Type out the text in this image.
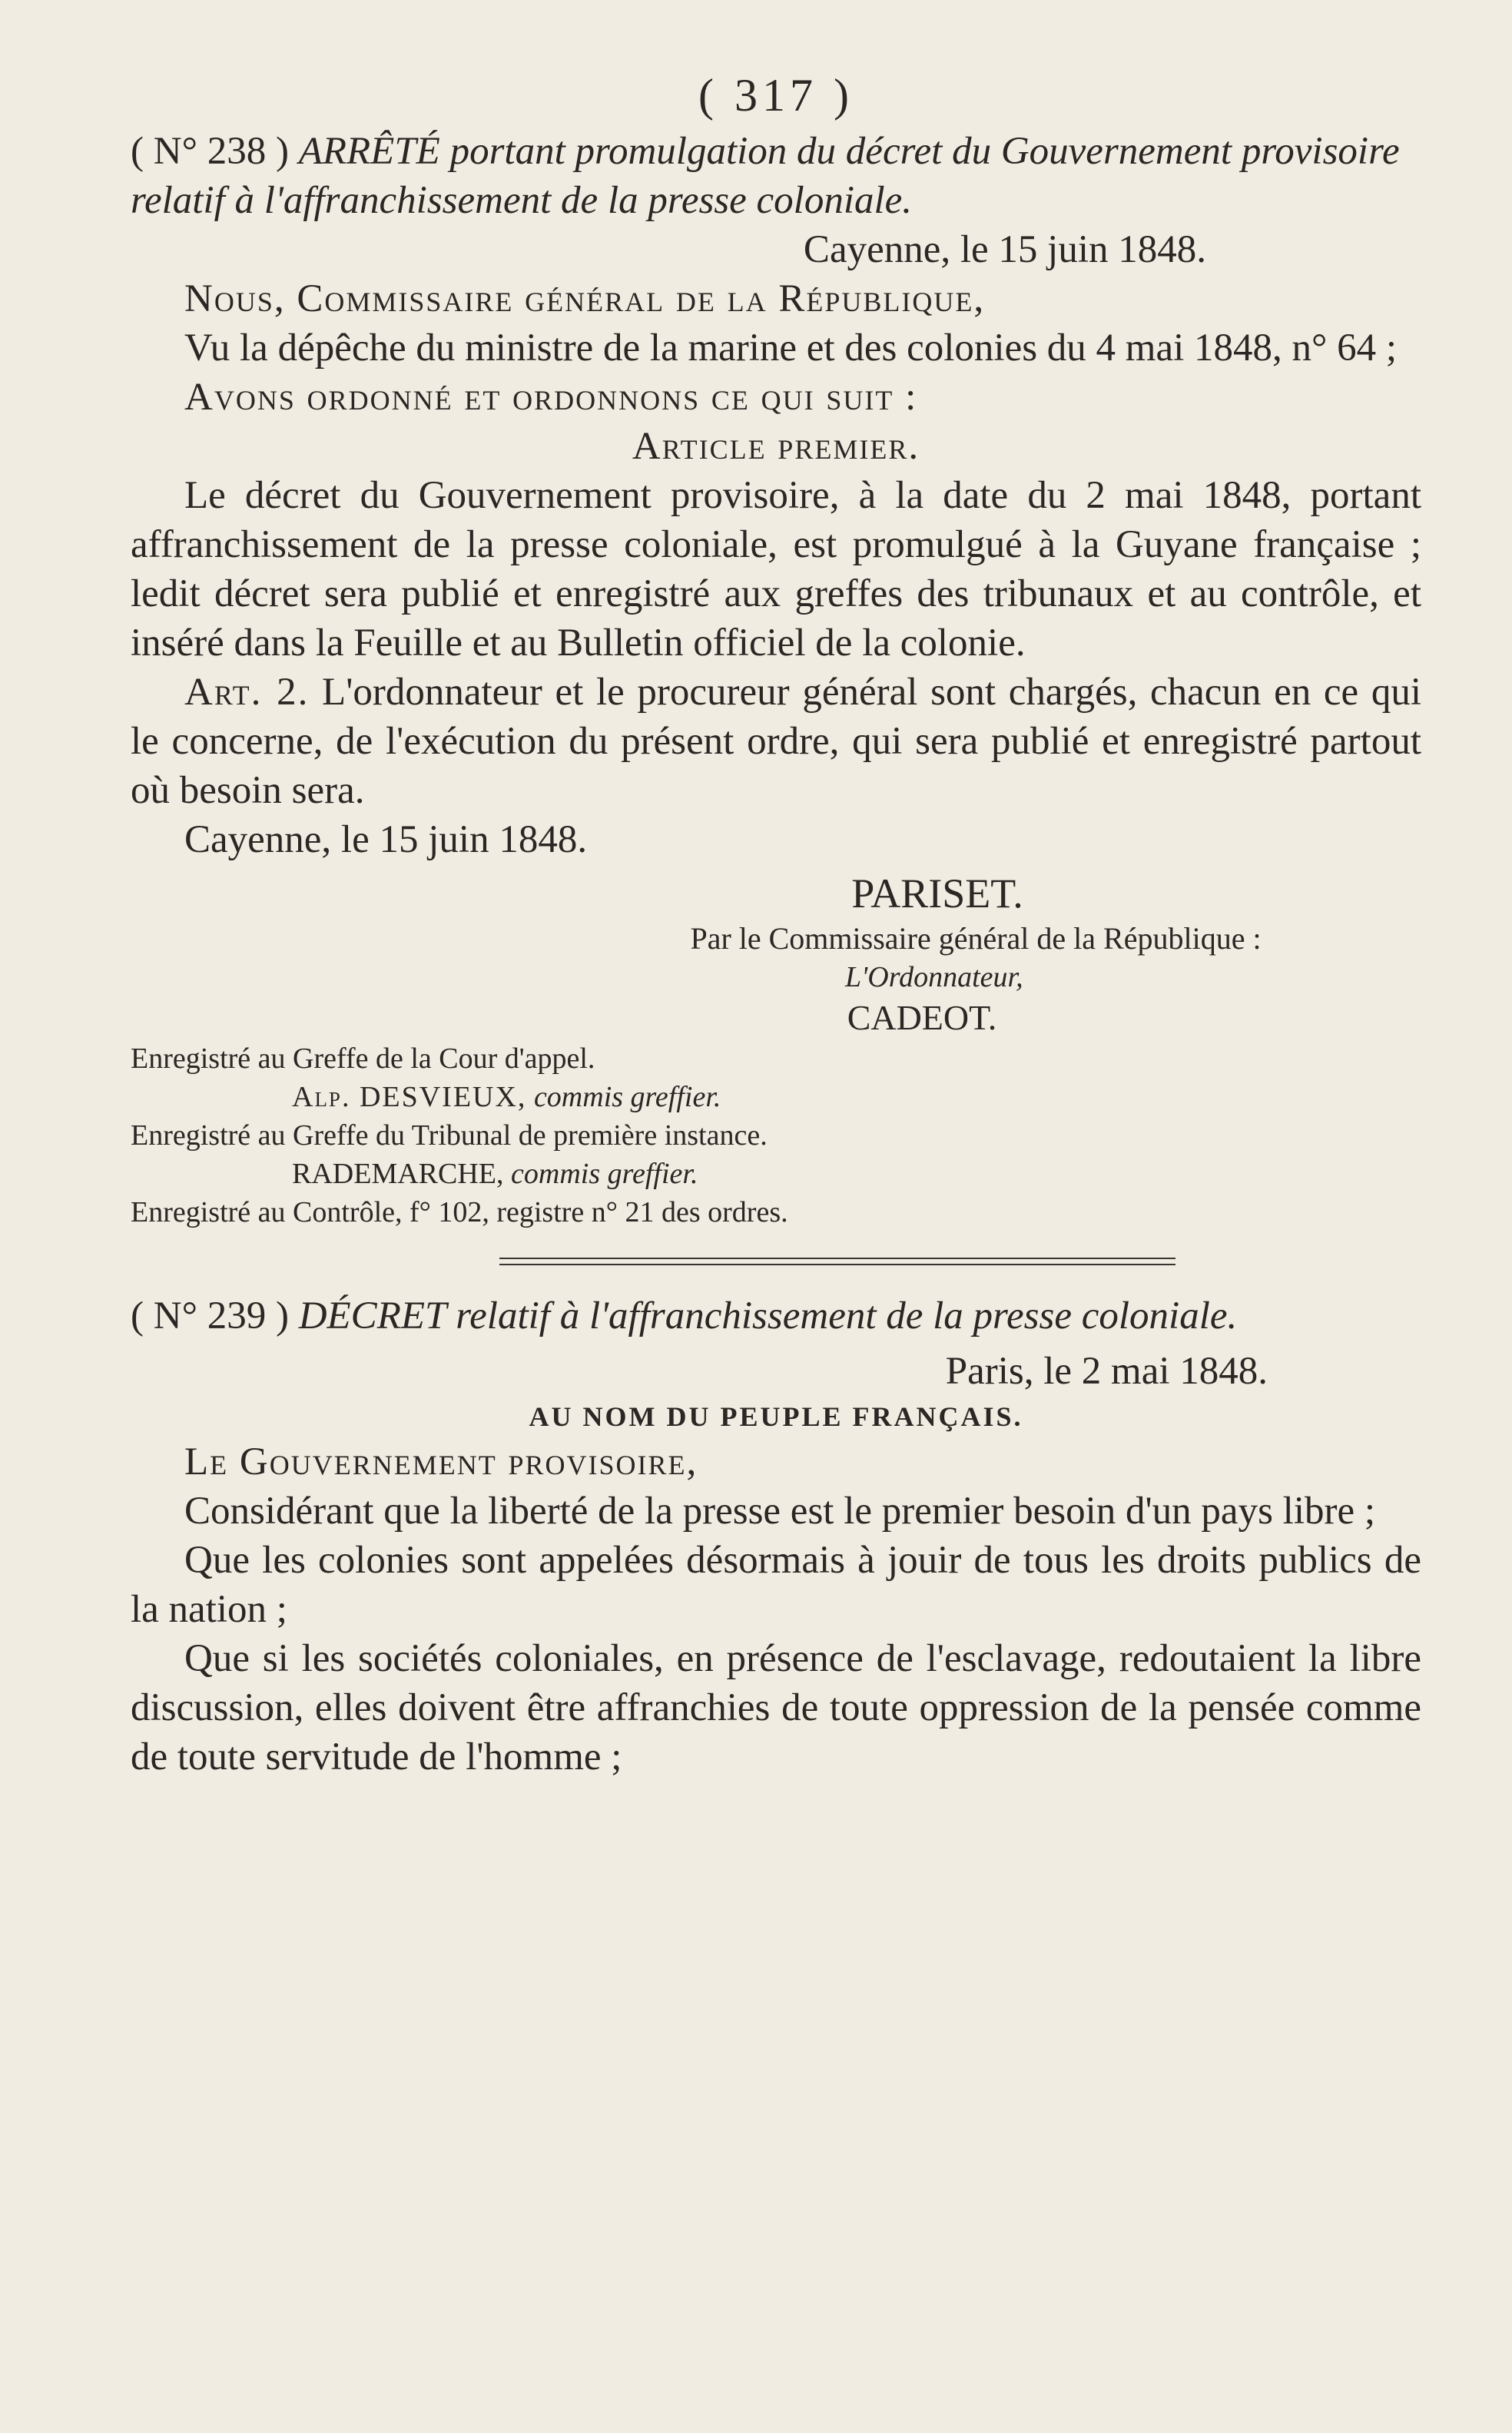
( 317 )

( N° 238 ) ARRÊTÉ portant promulgation du décret du Gouvernement provisoire relatif à l'affranchissement de la presse coloniale.

Cayenne, le 15 juin 1848.

Nous, Commissaire général de la République,

Vu la dépêche du ministre de la marine et des colonies du 4 mai 1848, n° 64 ;

Avons ordonné et ordonnons ce qui suit :

Article premier.

Le décret du Gouvernement provisoire, à la date du 2 mai 1848, portant affranchissement de la presse coloniale, est promulgué à la Guyane française ; ledit décret sera publié et enregistré aux greffes des tribunaux et au contrôle, et inséré dans la Feuille et au Bulletin officiel de la colonie.

Art. 2. L'ordonnateur et le procureur général sont chargés, chacun en ce qui le concerne, de l'exécution du présent ordre, qui sera publié et enregistré partout où besoin sera.

Cayenne, le 15 juin 1848.

PARISET.

Par le Commissaire général de la République :

L'Ordonnateur,

CADEOT.

Enregistré au Greffe de la Cour d'appel.

Alp. DESVIEUX, commis greffier.

Enregistré au Greffe du Tribunal de première instance.

RADEMARCHE, commis greffier.

Enregistré au Contrôle, f° 102, registre n° 21 des ordres.

( N° 239 ) DÉCRET relatif à l'affranchissement de la presse coloniale.

Paris, le 2 mai 1848.

AU NOM DU PEUPLE FRANÇAIS.

Le Gouvernement provisoire,

Considérant que la liberté de la presse est le premier besoin d'un pays libre ;

Que les colonies sont appelées désormais à jouir de tous les droits publics de la nation ;

Que si les sociétés coloniales, en présence de l'esclavage, redoutaient la libre discussion, elles doivent être affranchies de toute oppression de la pensée comme de toute servitude de l'homme ;
